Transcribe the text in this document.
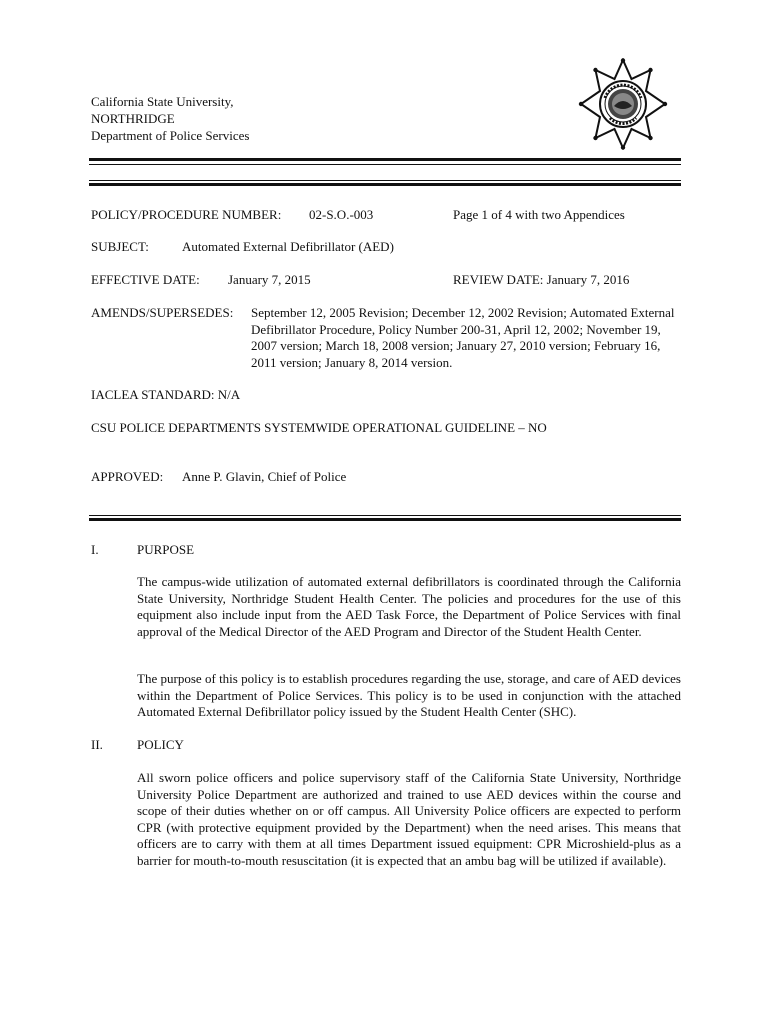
California State University,
NORTHRIDGE
Department of Police Services
POLICY/PROCEDURE NUMBER: 02-S.O.-003	Page 1 of 4 with two Appendices
SUBJECT:	Automated External Defibrillator (AED)
EFFECTIVE DATE: January 7, 2015	REVIEW DATE: January 7, 2016
AMENDS/SUPERSEDES: September 12, 2005 Revision; December 12, 2002 Revision; Automated External Defibrillator Procedure, Policy Number 200-31, April 12, 2002; November 19, 2007 version; March 18, 2008 version; January 27, 2010 version; February 16, 2011 version; January 8, 2014 version.
IACLEA STANDARD: N/A
CSU POLICE DEPARTMENTS SYSTEMWIDE OPERATIONAL GUIDELINE – NO
APPROVED: Anne P. Glavin, Chief of Police
I.	PURPOSE
The campus-wide utilization of automated external defibrillators is coordinated through the California State University, Northridge Student Health Center. The policies and procedures for the use of this equipment also include input from the AED Task Force, the Department of Police Services with final approval of the Medical Director of the AED Program and Director of the Student Health Center.
The purpose of this policy is to establish procedures regarding the use, storage, and care of AED devices within the Department of Police Services. This policy is to be used in conjunction with the attached Automated External Defibrillator policy issued by the Student Health Center (SHC).
II.	POLICY
All sworn police officers and police supervisory staff of the California State University, Northridge University Police Department are authorized and trained to use AED devices within the course and scope of their duties whether on or off campus. All University Police officers are expected to perform CPR (with protective equipment provided by the Department) when the need arises. This means that officers are to carry with them at all times Department issued equipment: CPR Microshield-plus as a barrier for mouth-to-mouth resuscitation (it is expected that an ambu bag will be utilized if available).
